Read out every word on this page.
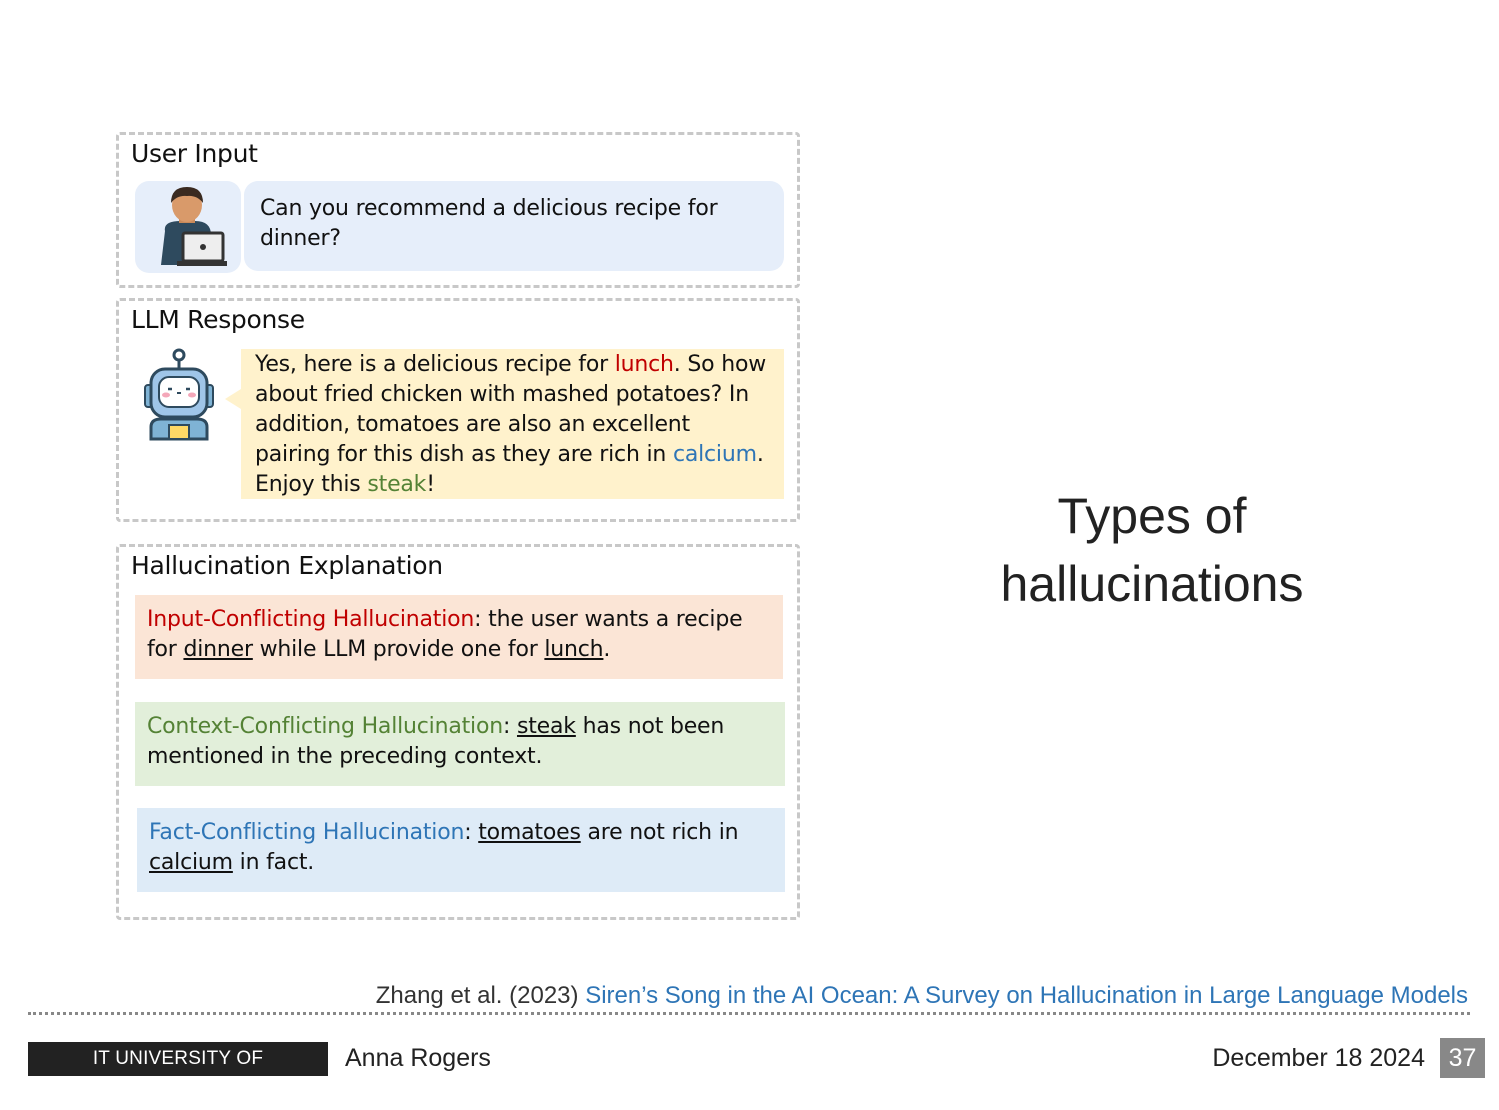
User Input
Can you recommend a delicious recipe for dinner?
LLM Response
Yes, here is a delicious recipe for lunch. So how about fried chicken with mashed potatoes? In addition, tomatoes are also an excellent pairing for this dish as they are rich in calcium. Enjoy this steak!
Hallucination Explanation
Input-Conflicting Hallucination: the user wants a recipe for dinner while LLM provide one for lunch.
Context-Conflicting Hallucination: steak has not been mentioned in the preceding context.
Fact-Conflicting Hallucination: tomatoes are not rich in calcium in fact.
Types of hallucinations
Zhang et al. (2023) Siren’s Song in the AI Ocean: A Survey on Hallucination in Large Language Models
IT UNIVERSITY OF COPENHAGEN
Anna Rogers	December 18 2024 37
